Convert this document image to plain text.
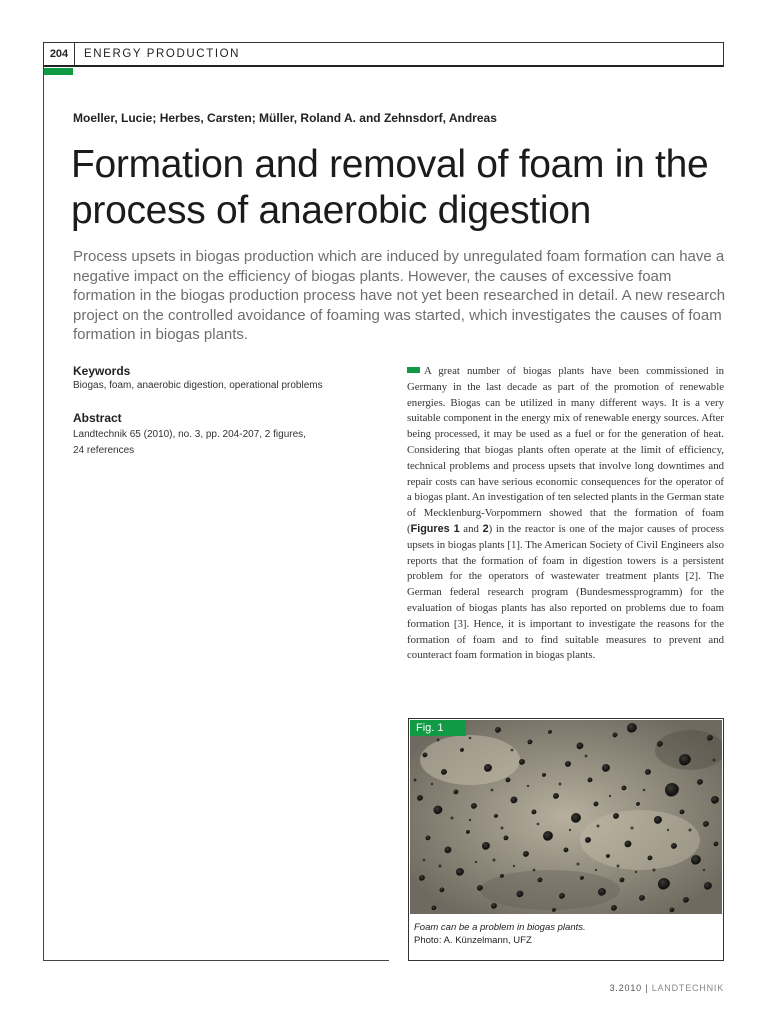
204	ENERGY PRODUCTION
Moeller, Lucie; Herbes, Carsten; Müller, Roland A. and Zehnsdorf, Andreas
Formation and removal of foam in the process of anaerobic digestion
Process upsets in biogas production which are induced by unregulated foam formation can have a negative impact on the efficiency of biogas plants. However, the causes of excessive foam formation in the biogas production process have not yet been researched in detail. A new research project on the controlled avoidance of foaming was started, which investigates the causes of foam formation in biogas plants.
Keywords
Biogas, foam, anaerobic digestion, operational problems
Abstract
Landtechnik 65 (2010), no. 3, pp. 204-207, 2 figures,
24 references
A great number of biogas plants have been commissioned in Germany in the last decade as part of the promotion of renewable energies. Biogas can be utilized in many different ways. It is a very suitable component in the energy mix of renewable energy sources. After being processed, it may be used as a fuel or for the generation of heat. Considering that biogas plants often operate at the limit of efficiency, technical problems and process upsets that involve long downtimes and repair costs can have serious economic consequences for the operator of a biogas plant. An investigation of ten selected plants in the German state of Mecklenburg-Vorpommern showed that the formation of foam (Figures 1 and 2) in the reactor is one of the major causes of process upsets in biogas plants [1]. The American Society of Civil Engineers also reports that the formation of foam in digestion towers is a persistent problem for the operators of wastewater treatment plants [2]. The German federal research program (Bundesmessprogramm) for the evaluation of biogas plants has also reported on problems due to foam formation [3]. Hence, it is important to investigate the reasons for the formation of foam and to find suitable measures to prevent and counteract foam formation in biogas plants.
Fig. 1
Foam can be a problem in biogas plants.
Photo: A. Künzelmann, UFZ
3.2010 | LANDTECHNIK
